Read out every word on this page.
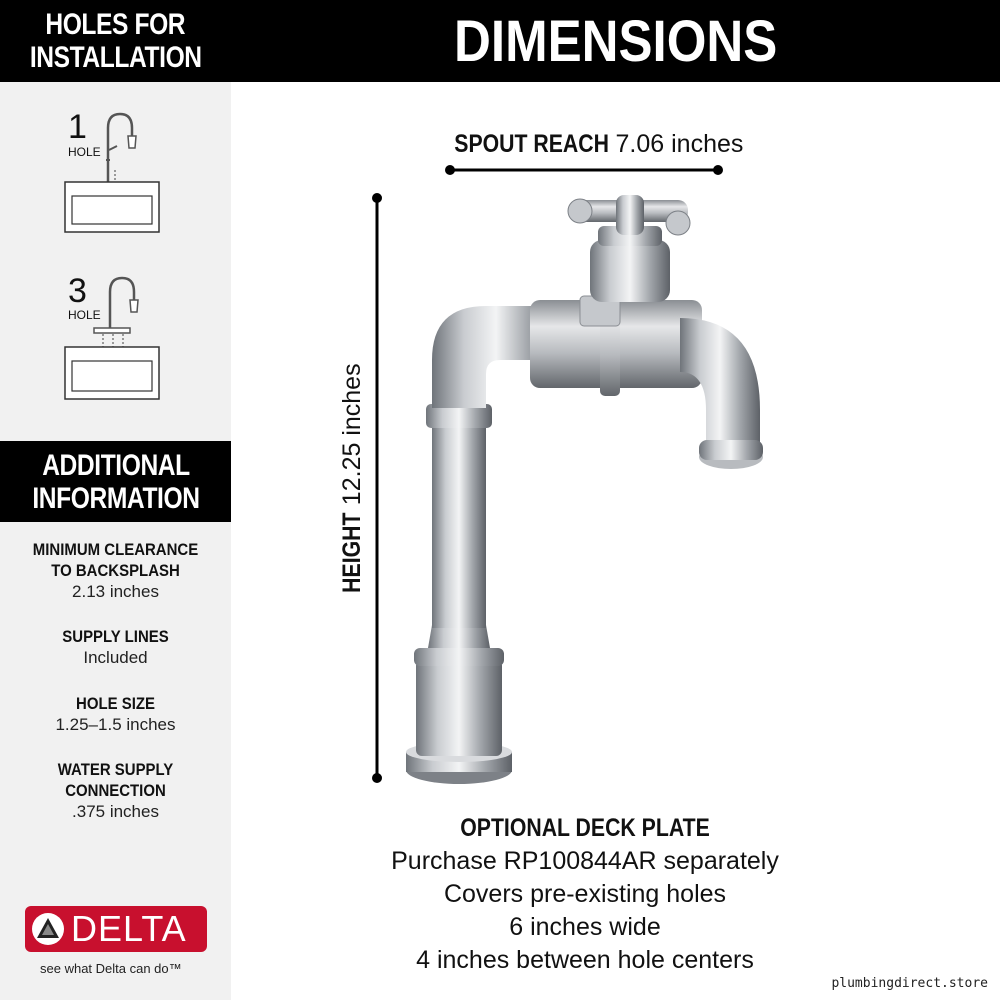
HOLES FOR
INSTALLATION
1
HOLE
3
HOLE
ADDITIONAL
INFORMATION
MINIMUM CLEARANCE
TO BACKSPLASH
2.13 inches
SUPPLY LINES
Included
HOLE SIZE
1.25–1.5 inches
WATER SUPPLY
CONNECTION
.375 inches
DELTA
see what Delta can do™
DIMENSIONS
SPOUT REACH 7.06 inches
HEIGHT 12.25 inches
OPTIONAL DECK PLATE
Purchase RP100844AR separately
Covers pre-existing holes
6 inches wide
4 inches between hole centers
plumbingdirect.store
